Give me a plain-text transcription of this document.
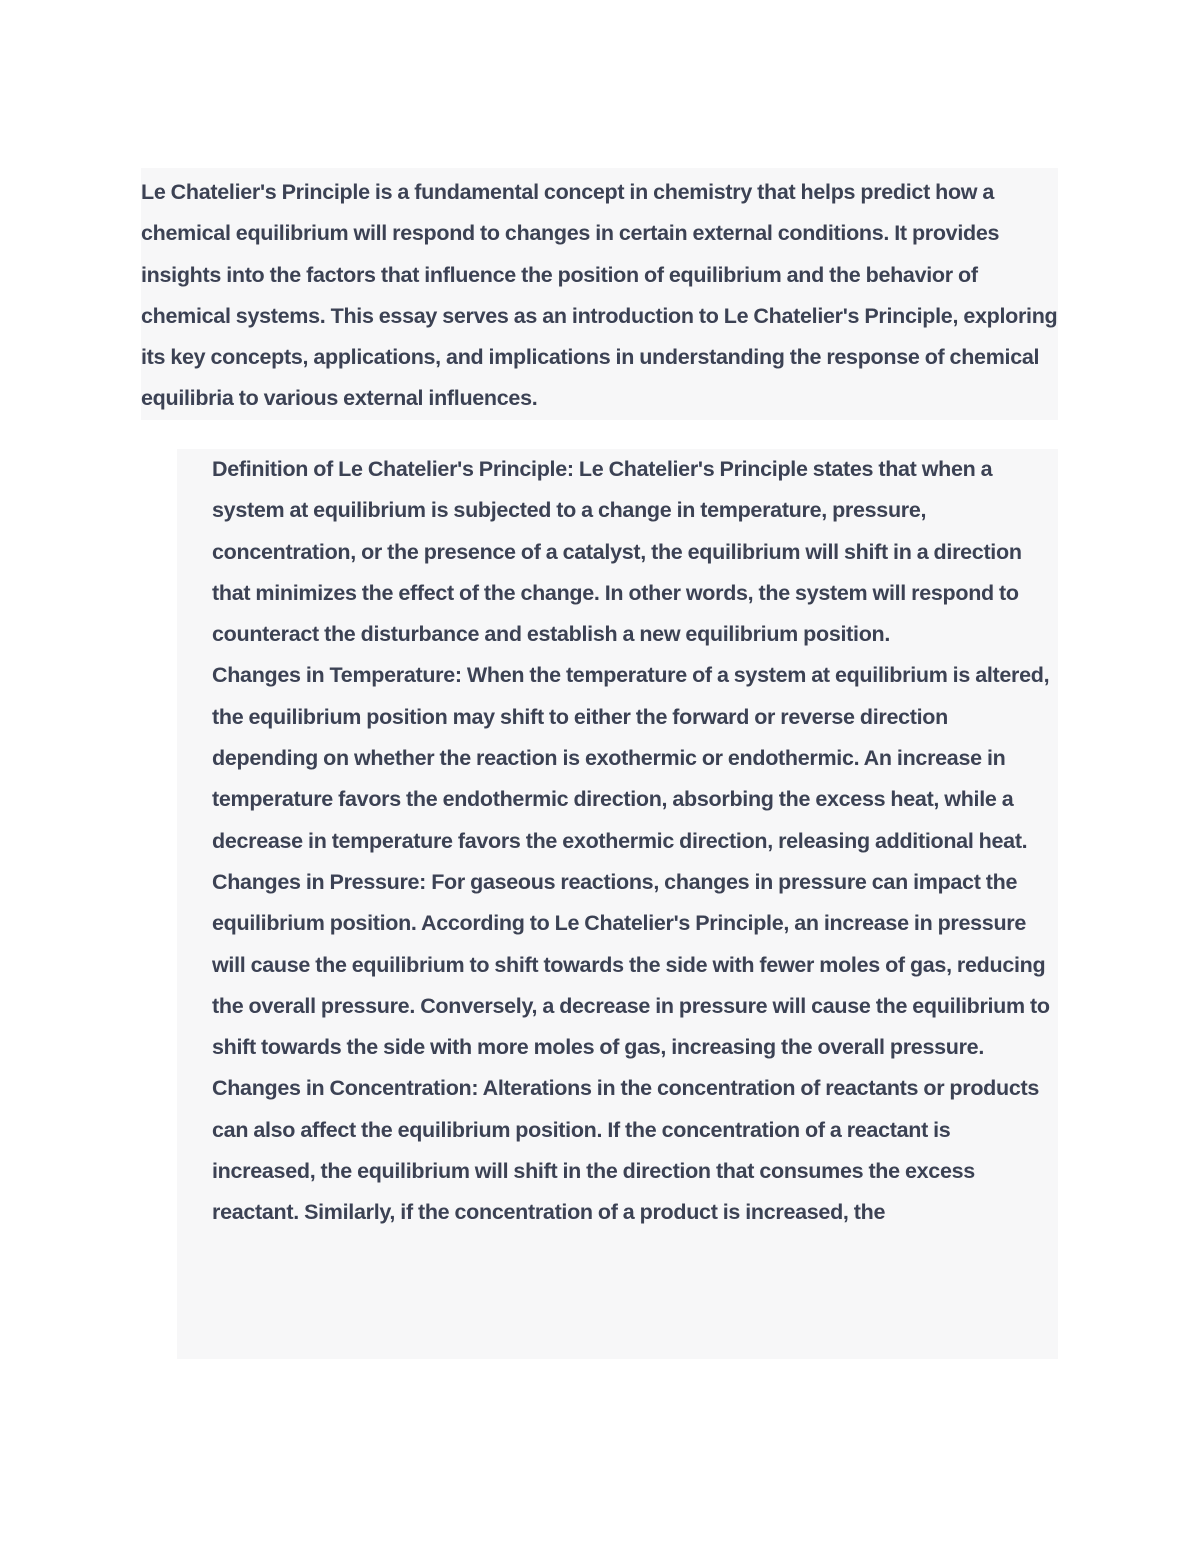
Le Chatelier's Principle is a fundamental concept in chemistry that helps predict how a chemical equilibrium will respond to changes in certain external conditions. It provides insights into the factors that influence the position of equilibrium and the behavior of chemical systems. This essay serves as an introduction to Le Chatelier's Principle, exploring its key concepts, applications, and implications in understanding the response of chemical equilibria to various external influences.

Definition of Le Chatelier's Principle: Le Chatelier's Principle states that when a system at equilibrium is subjected to a change in temperature, pressure, concentration, or the presence of a catalyst, the equilibrium will shift in a direction that minimizes the effect of the change. In other words, the system will respond to counteract the disturbance and establish a new equilibrium position.

Changes in Temperature: When the temperature of a system at equilibrium is altered, the equilibrium position may shift to either the forward or reverse direction depending on whether the reaction is exothermic or endothermic. An increase in temperature favors the endothermic direction, absorbing the excess heat, while a decrease in temperature favors the exothermic direction, releasing additional heat.

Changes in Pressure: For gaseous reactions, changes in pressure can impact the equilibrium position. According to Le Chatelier's Principle, an increase in pressure will cause the equilibrium to shift towards the side with fewer moles of gas, reducing the overall pressure. Conversely, a decrease in pressure will cause the equilibrium to shift towards the side with more moles of gas, increasing the overall pressure.

Changes in Concentration: Alterations in the concentration of reactants or products can also affect the equilibrium position. If the concentration of a reactant is increased, the equilibrium will shift in the direction that consumes the excess reactant. Similarly, if the concentration of a product is increased, the
